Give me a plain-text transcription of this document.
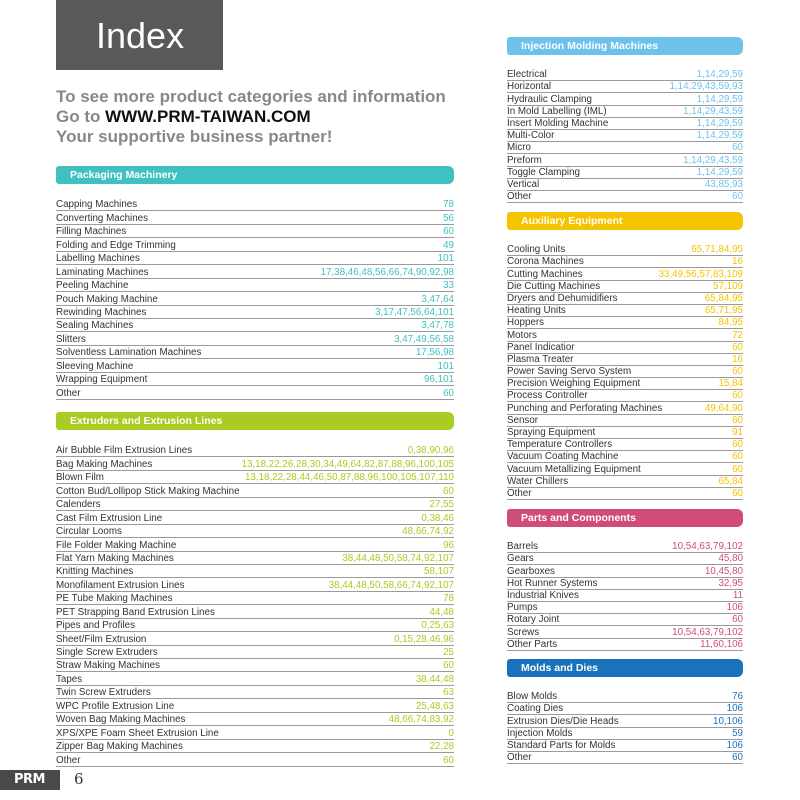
Index
To see more product categories and information
Go to WWW.PRM-TAIWAN.COM
Your supportive business partner!
Packaging Machinery
Capping Machines	78
Converting Machines	56
Filling Machines	60
Folding and Edge Trimming	49
Labelling Machines	101
Laminating Machines	17,38,46,48,56,66,74,90,92,98
Peeling Machine	33
Pouch Making Machine	3,47,64
Rewinding Machines	3,17,47,56,64,101
Sealing Machines	3,47,78
Slitters	3,47,49,56,58
Solventless Lamination Machines	17,56,98
Sleeving Machine	101
Wrapping Equipment	96,101
Other	60
Extruders and Extrusion Lines
Air Bubble Film Extrusion Lines	0,38,90,96
Bag Making Machines	13,18,22,26,28,30,34,49,64,82,87,88,96,100,105
Blown Film	13,18,22,28,44,46,50,87,88,96,100,105,107,110
Cotton Bud/Lollipop Stick Making Machine	60
Calenders	27,55
Cast Film Extrusion Line	0,38,46
Circular Looms	48,66,74,92
File Folder Making Machine	96
Flat Yarn Making Machines	38,44,48,50,58,74,92,107
Knitting Machines	58,107
Monofilament Extrusion Lines	38,44,48,50,58,66,74,92,107
PE Tube Making Machines	78
PET Strapping Band Extrusion Lines	44,48
Pipes and Profiles	0,25,63
Sheet/Film Extrusion	0,15,28,46,96
Single Screw Extruders	25
Straw Making Machines	60
Tapes	38,44,48
Twin Screw Extruders	63
WPC Profile Extrusion Line	25,48,63
Woven Bag Making Machines	48,66,74,83,92
XPS/XPE Foam Sheet Extrusion Line	0
Zipper Bag Making Machines	22,28
Other	60
Injection Molding Machines
Electrical	1,14,29,59
Horizontal	1,14,29,43,59,93
Hydraulic Clamping	1,14,29,59
In Mold Labelling (IML)	1,14,29,43,59
Insert Molding Machine	1,14,29,59
Multi-Color	1,14,29,59
Micro	60
Preform	1,14,29,43,59
Toggle Clamping	1,14,29,59
Vertical	43,85,93
Other	60
Auxiliary Equipment
Cooling Units	65,71,84,95
Corona Machines	16
Cutting Machines	33,49,56,57,83,109
Die Cutting Machines	57,109
Dryers and Dehumidifiers	65,84,95
Heating Units	65,71,95
Hoppers	84,95
Motors	72
Panel Indicatior	60
Plasma Treater	16
Power Saving Servo System	60
Precision Weighing Equipment	15,84
Process Controller	60
Punching and Perforating Machines	49,64,90
Sensor	60
Spraying Equipment	91
Temperature Controllers	60
Vacuum Coating Machine	60
Vacuum Metallizing Equipment	60
Water Chillers	65,84
Other	60
Parts and Components
Barrels	10,54,63,79,102
Gears	45,80
Gearboxes	10,45,80
Hot Runner Systems	32,95
Industrial Knives	11
Pumps	106
Rotary Joint	60
Screws	10,54,63,79,102
Other Parts	11,60,106
Molds and Dies
Blow Molds	76
Coating Dies	106
Extrusion Dies/Die Heads	10,106
Injection Molds	59
Standard Parts for Molds	106
Other	60
PRM 6
